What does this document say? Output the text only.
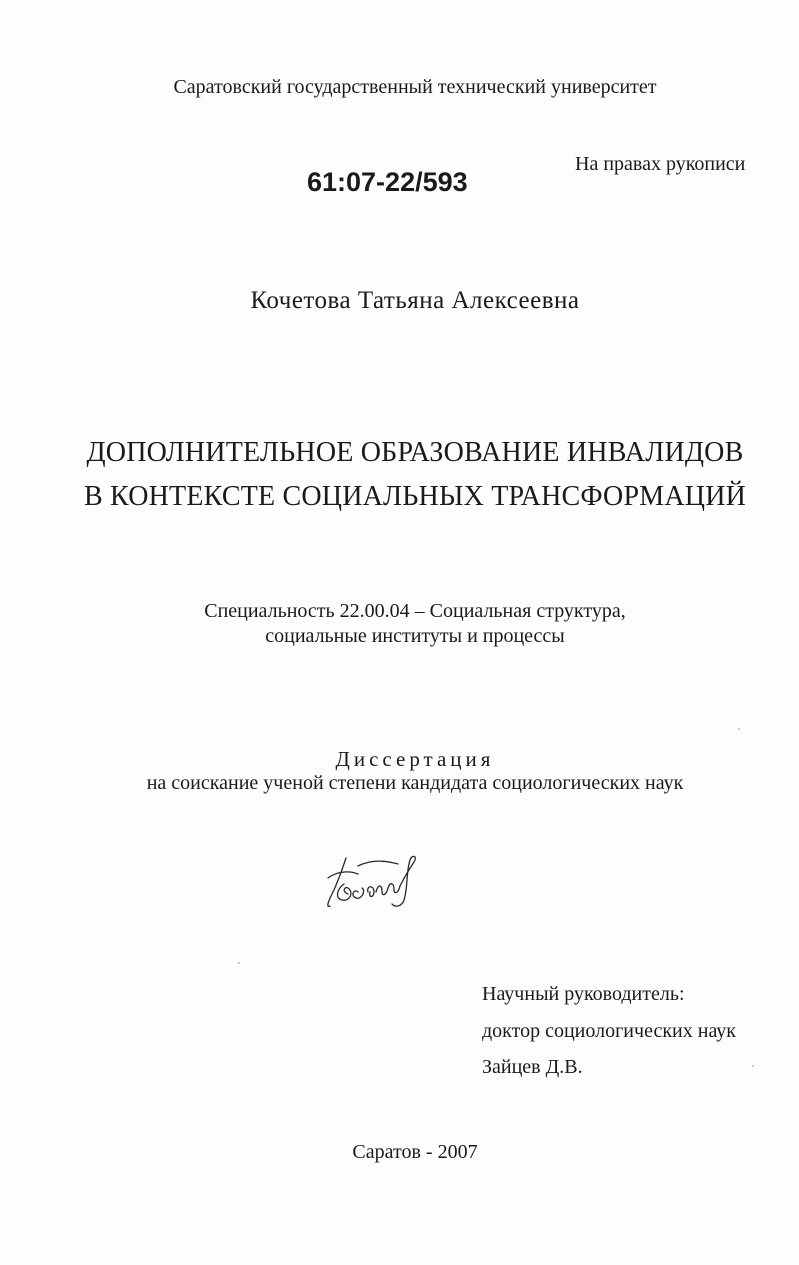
Саратовский государственный технический университет
На правах рукописи
61:07-22/593
Кочетова Татьяна Алексеевна
ДОПОЛНИТЕЛЬНОЕ ОБРАЗОВАНИЕ ИНВАЛИДОВ
В КОНТЕКСТЕ СОЦИАЛЬНЫХ ТРАНСФОРМАЦИЙ
Специальность 22.00.04 – Социальная структура,
социальные институты и процессы
Диссертация
на соискание ученой степени кандидата социологических наук
Научный руководитель:
доктор социологических наук
Зайцев Д.В.
Саратов - 2007
